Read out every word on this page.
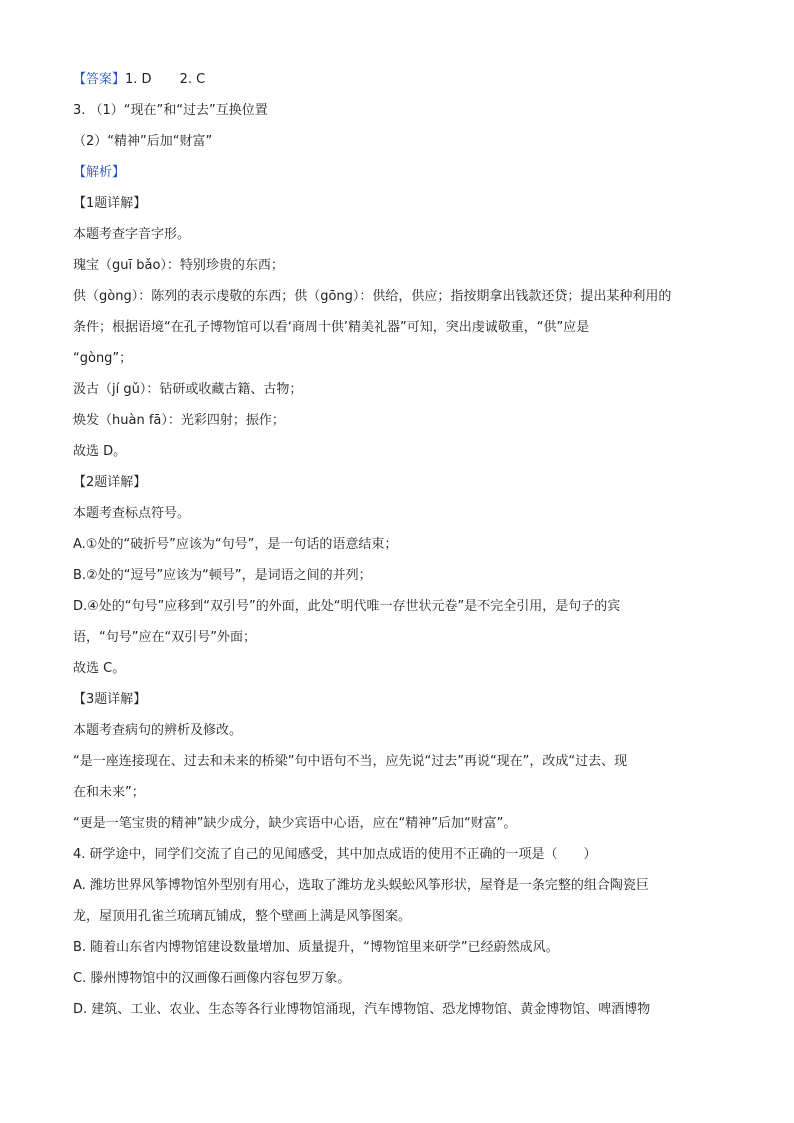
【答案】1. D 2. C
3. （1）“现在”和“过去”互换位置
（2）“精神”后加“财富”
【解析】
【1题详解】
本题考查字音字形。
瑰宝（guī bǎo）：特别珍贵的东西；
供（gòng）：陈列的表示虔敬的东西；供（gōng）：供给，供应；指按期拿出钱款还贷；提出某种利用的
条件；根据语境“在孔子博物馆可以看‘商周十供’精美礼器”可知，突出虔诚敬重，“供”应是
“gòng”；
汲古（jí gǔ）：钻研或收藏古籍、古物；
焕发（huàn fā）：光彩四射；振作；
故选 D。
【2题详解】
本题考查标点符号。
A.①处的“破折号”应该为“句号”，是一句话的语意结束；
B.②处的“逗号”应该为“顿号”，是词语之间的并列；
D.④处的“句号”应移到“双引号”的外面，此处“明代唯一存世状元卷”是不完全引用，是句子的宾
语，“句号”应在“双引号”外面；
故选 C。
【3题详解】
本题考查病句的辨析及修改。
“是一座连接现在、过去和未来的桥梁”句中语句不当，应先说“过去”再说“现在”，改成“过去、现
在和未来”；
“更是一笔宝贵的精神”缺少成分，缺少宾语中心语，应在“精神”后加“财富”。
4. 研学途中，同学们交流了自己的见闻感受，其中加点成语的使用不正确的一项是（　　）
A. 潍坊世界风筝博物馆外型别有用心，选取了潍坊龙头蜈蚣风筝形状，屋脊是一条完整的组合陶瓷巨
龙，屋顶用孔雀兰琉璃瓦铺成，整个壁画上满是风筝图案。
B. 随着山东省内博物馆建设数量增加、质量提升，“博物馆里来研学”已经蔚然成风。
C. 滕州博物馆中的汉画像石画像内容包罗万象。
D. 建筑、工业、农业、生态等各行业博物馆涌现，汽车博物馆、恐龙博物馆、黄金博物馆、啤酒博物
